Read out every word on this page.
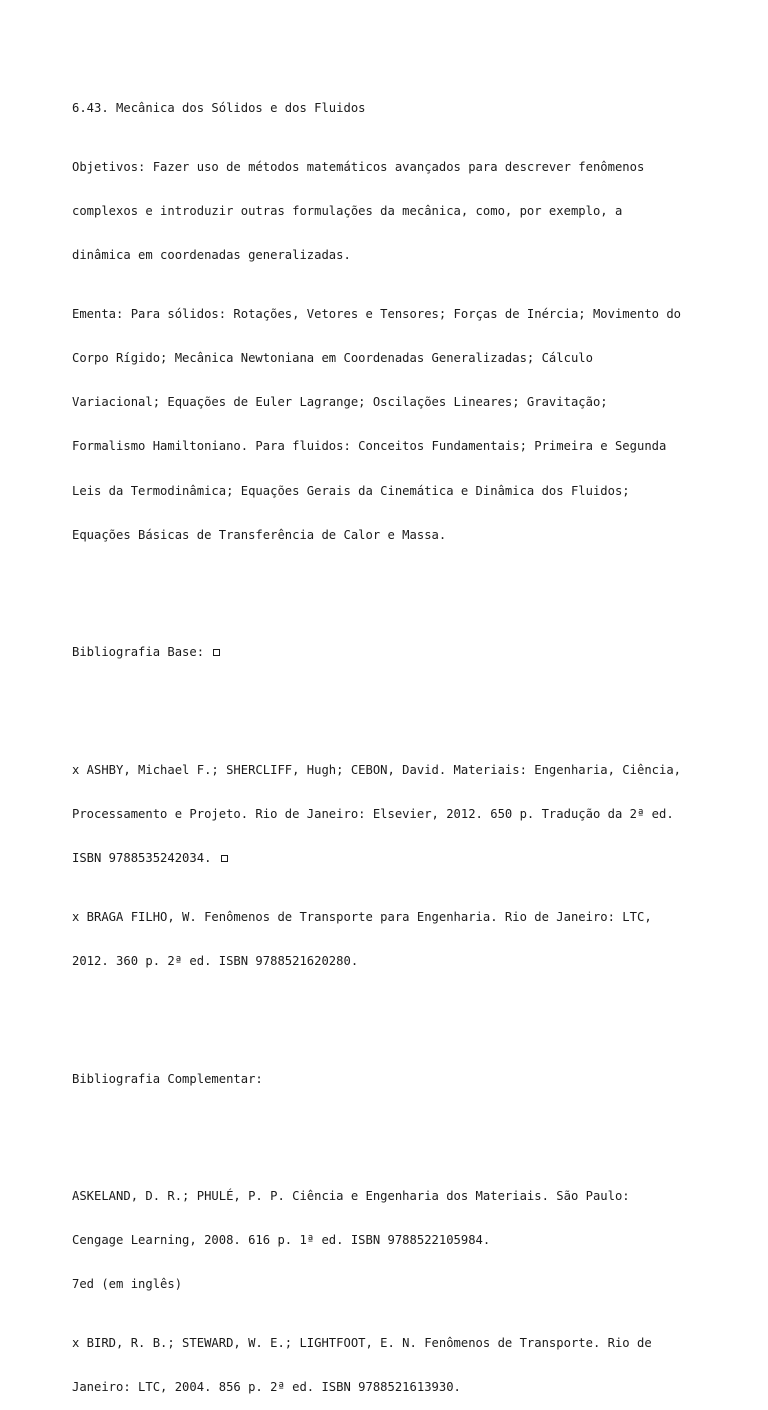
6.43. Mecânica dos Sólidos e dos Fluidos

Objetivos: Fazer uso de métodos matemáticos avançados para descrever fenômenos

complexos e introduzir outras formulações da mecânica, como, por exemplo, a

dinâmica em coordenadas generalizadas.

Ementa: Para sólidos: Rotações, Vetores e Tensores; Forças de Inércia; Movimento do

Corpo Rígido; Mecânica Newtoniana em Coordenadas Generalizadas; Cálculo

Variacional; Equações de Euler Lagrange; Oscilações Lineares; Gravitação;

Formalismo Hamiltoniano. Para fluidos: Conceitos Fundamentais; Primeira e Segunda

Leis da Termodinâmica; Equações Gerais da Cinemática e Dinâmica dos Fluidos;

Equações Básicas de Transferência de Calor e Massa.

Bibliografia Base:

x ASHBY, Michael F.; SHERCLIFF, Hugh; CEBON, David. Materiais: Engenharia, Ciência,

Processamento e Projeto. Rio de Janeiro: Elsevier, 2012. 650 p. Tradução da 2ª ed.

ISBN 9788535242034.

x BRAGA FILHO, W. Fenômenos de Transporte para Engenharia. Rio de Janeiro: LTC,

2012. 360 p. 2ª ed. ISBN 9788521620280.

Bibliografia Complementar:

ASKELAND, D. R.; PHULÉ, P. P. Ciência e Engenharia dos Materiais. São Paulo:

Cengage Learning, 2008. 616 p. 1ª ed. ISBN 9788522105984.

7ed (em inglês)

x BIRD, R. B.; STEWARD, W. E.; LIGHTFOOT, E. N. Fenômenos de Transporte. Rio de

Janeiro: LTC, 2004. 856 p. 2ª ed. ISBN 9788521613930.
